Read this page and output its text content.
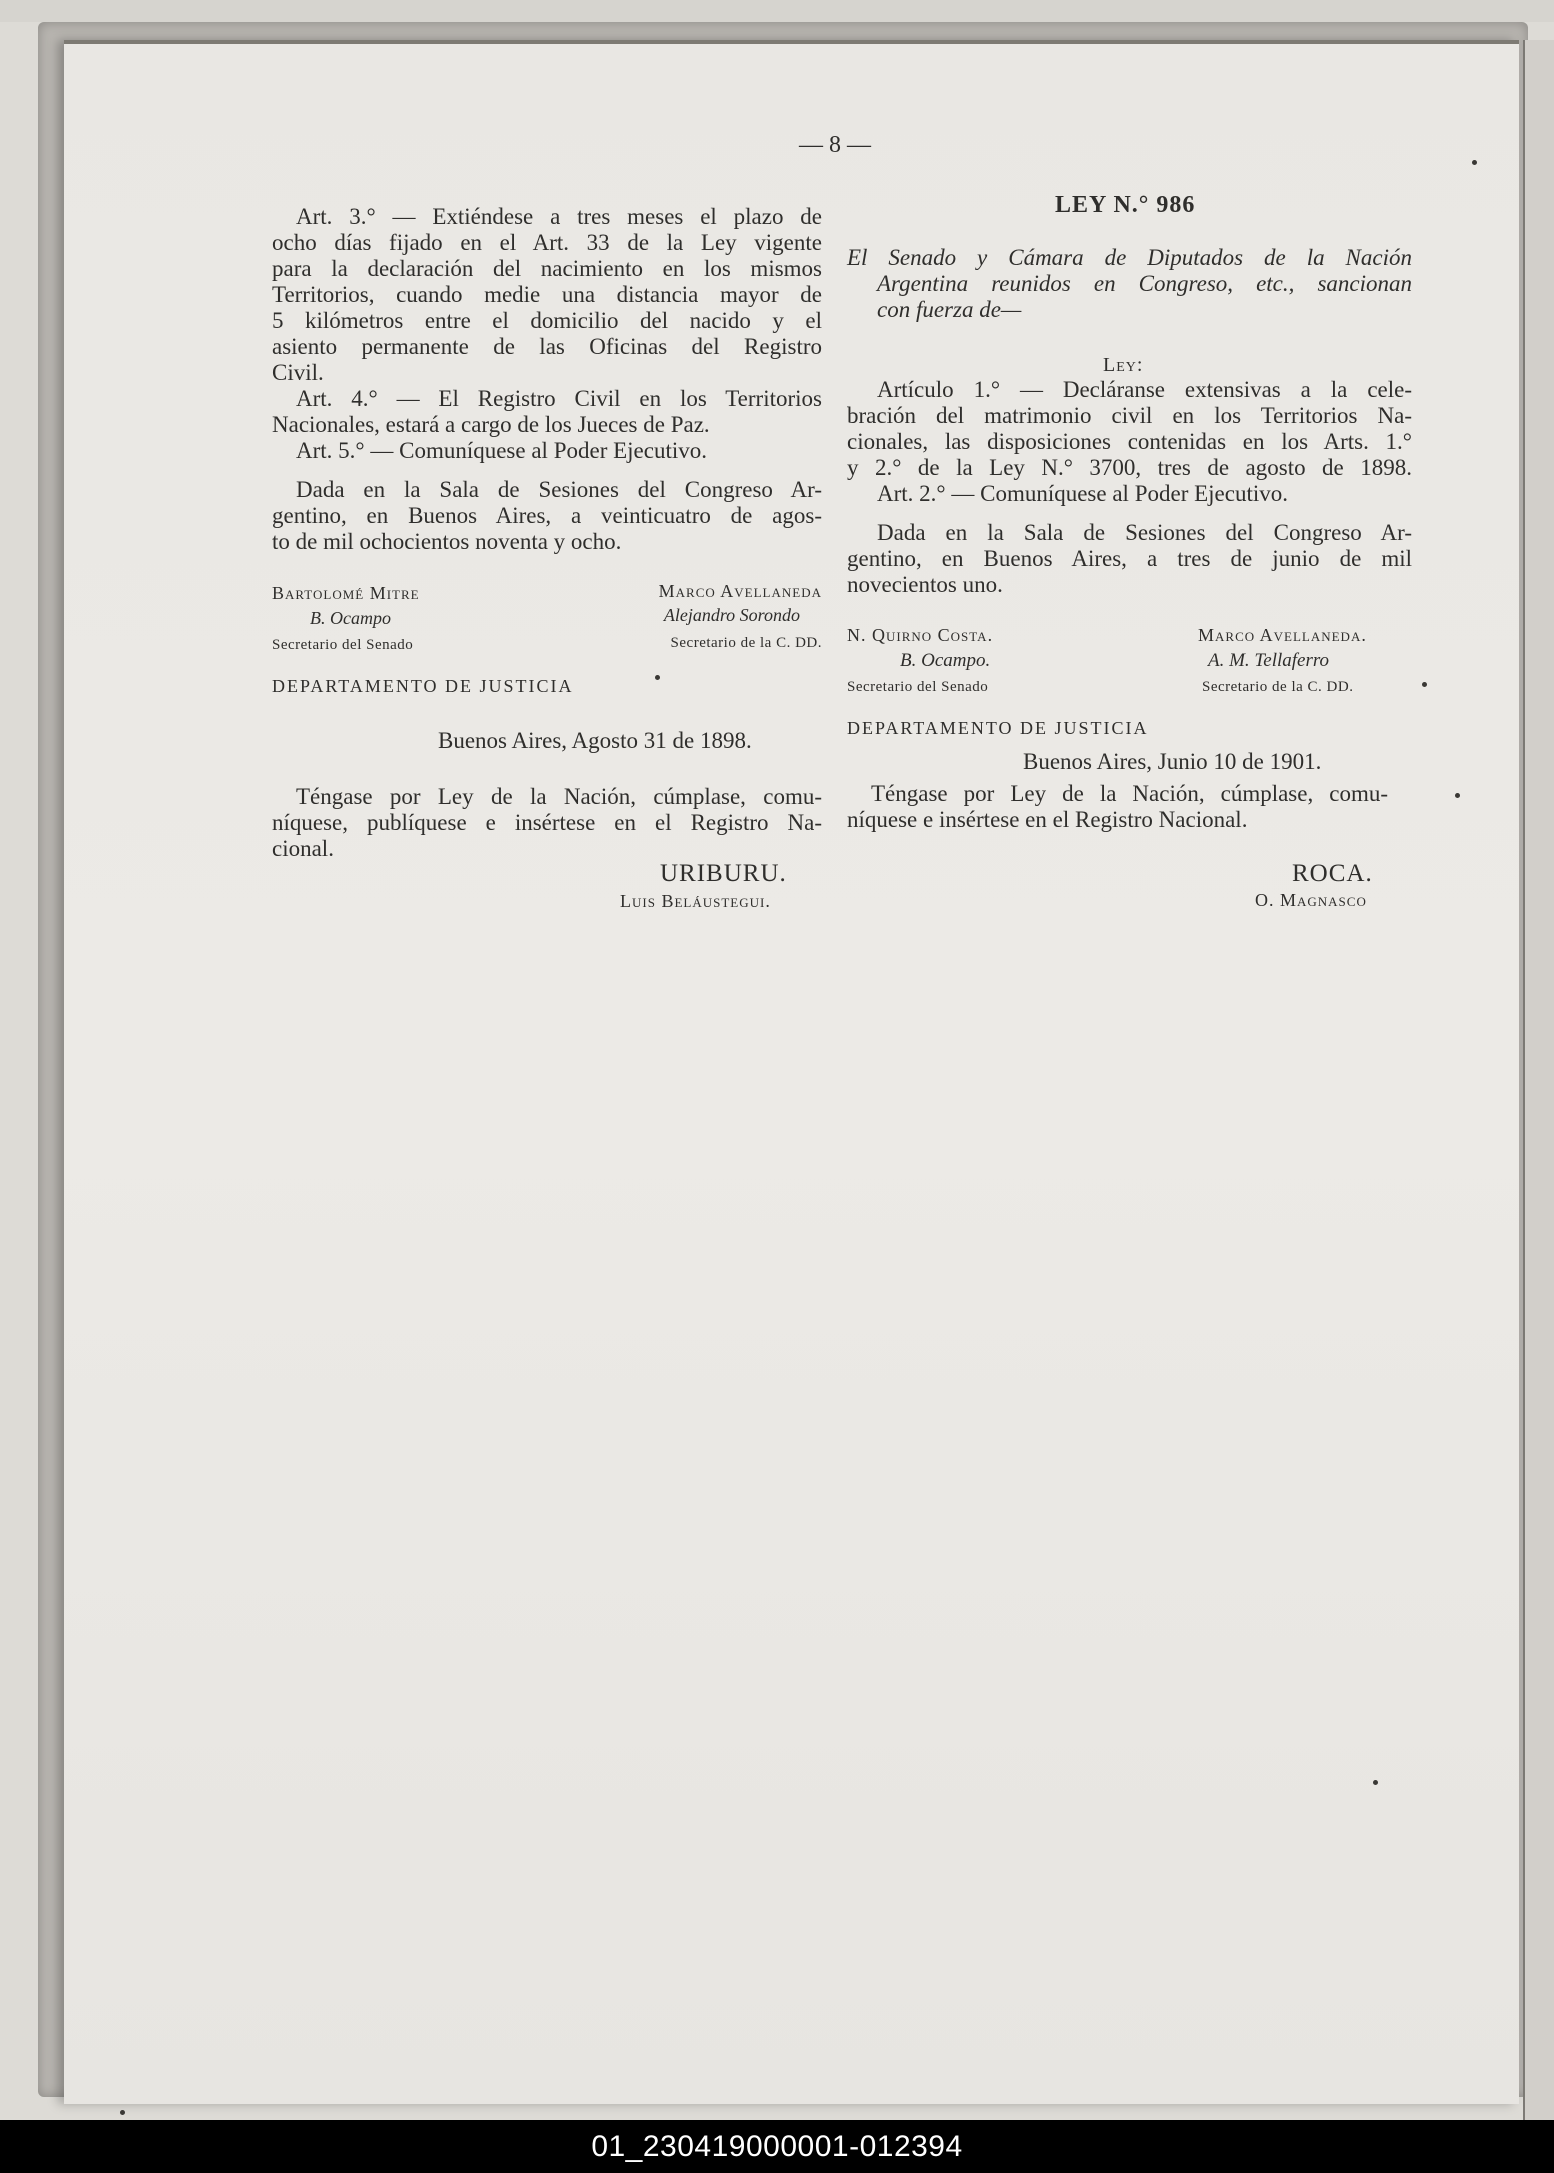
— 8 —
Art. 3.° — Extiéndese a tres meses el plazo de
ocho días fijado en el Art. 33 de la Ley vigente
para la declaración del nacimiento en los mismos
Territorios, cuando medie una distancia mayor de
5 kilómetros entre el domicilio del nacido y el
asiento permanente de las Oficinas del Registro
Civil.
Art. 4.° — El Registro Civil en los Territorios
Nacionales, estará a cargo de los Jueces de Paz.
Art. 5.° — Comuníquese al Poder Ejecutivo.
Dada en la Sala de Sesiones del Congreso Ar-
gentino, en Buenos Aires, a veinticuatro de agos-
to de mil ochocientos noventa y ocho.
Bartolomé Mitre
B. Ocampo
Secretario del Senado
Marco Avellaneda
Alejandro Sorondo
Secretario de la C. DD.
DEPARTAMENTO DE JUSTICIA
Buenos Aires, Agosto 31 de 1898.
Téngase por Ley de la Nación, cúmplase, comu-
níquese, publíquese e insértese en el Registro Na-
cional.
URIBURU.
Luis Beláustegui.
LEY N.° 986
El Senado y Cámara de Diputados de la Nación
Argentina reunidos en Congreso, etc., sancionan
con fuerza de—
Ley:
Artículo 1.° — Decláranse extensivas a la cele-
bración del matrimonio civil en los Territorios Na-
cionales, las disposiciones contenidas en los Arts. 1.°
y 2.° de la Ley N.° 3700, tres de agosto de 1898.
Art. 2.° — Comuníquese al Poder Ejecutivo.
Dada en la Sala de Sesiones del Congreso Ar-
gentino, en Buenos Aires, a tres de junio de mil
novecientos uno.
N. Quirno Costa.
B. Ocampo.
Secretario del Senado
Marco Avellaneda.
A. M. Tellaferro
Secretario de la C. DD.
DEPARTAMENTO DE JUSTICIA
Buenos Aires, Junio 10 de 1901.
Téngase por Ley de la Nación, cúmplase, comu-
níquese e insértese en el Registro Nacional.
ROCA.
O. Magnasco
01_230419000001-012394
